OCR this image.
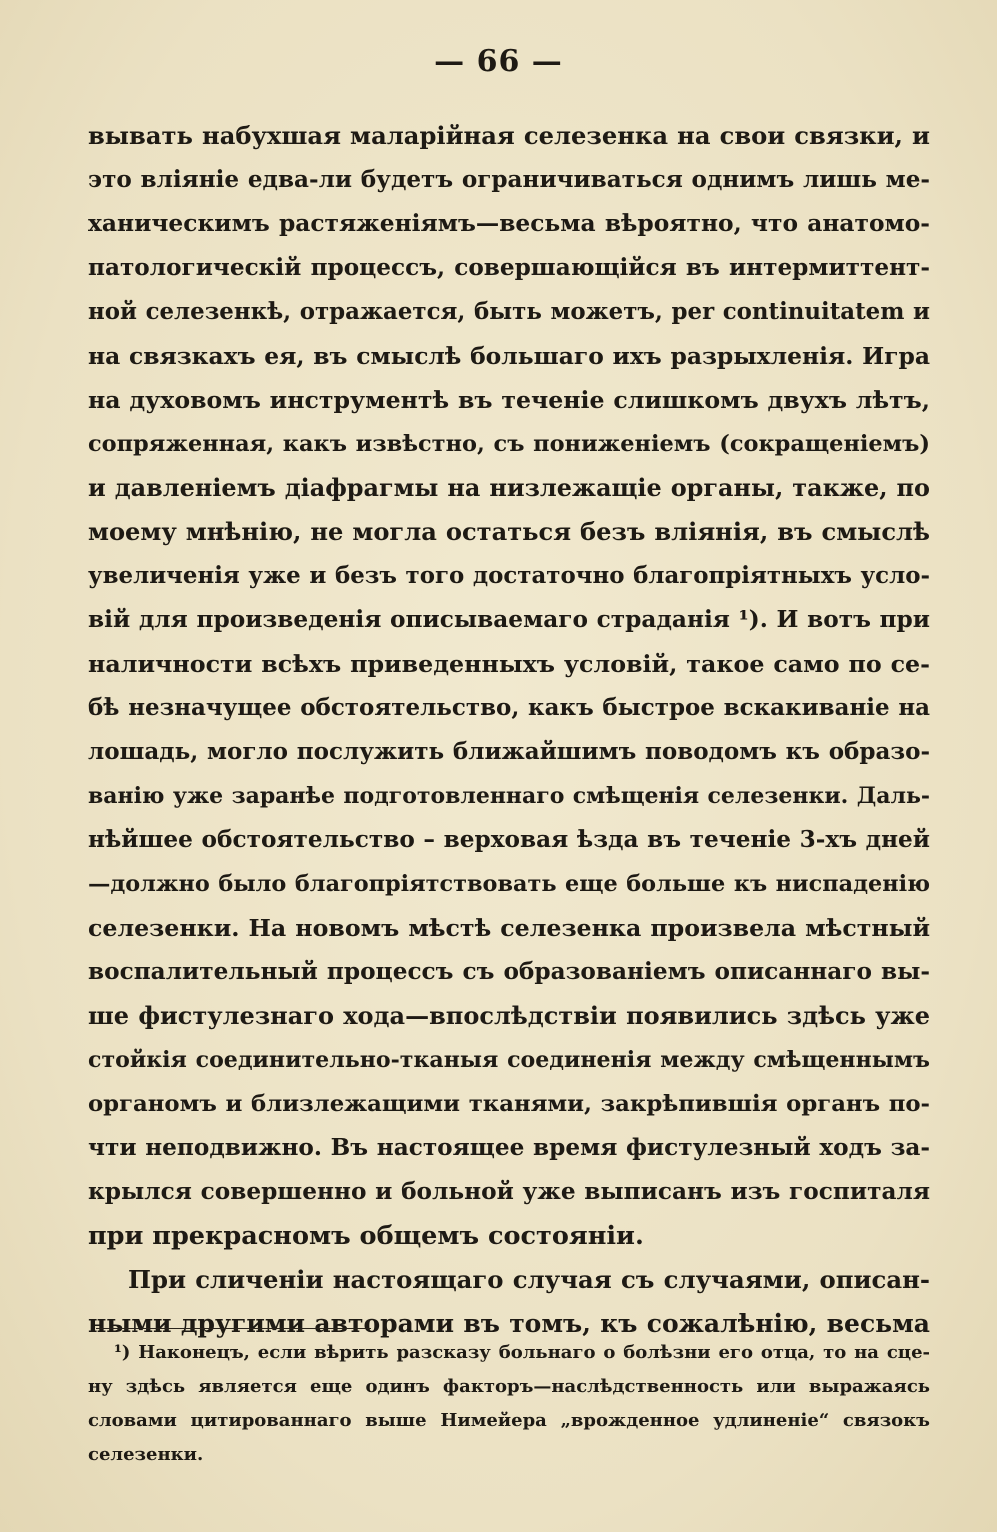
— 66 —
вывать набухшая маларійная селезенка на свои связки, и
это вліяніе едва-ли будетъ ограничиваться однимъ лишь ме-
ханическимъ растяженіямъ—весьма вѣроятно, что анатомо-
патологическій процессъ, совершающійся въ интермиттент-
ной селезенкѣ, отражается, быть можетъ, per continuitatem и
на связкахъ ея, въ смыслѣ большаго ихъ разрыхленія. Игра
на духовомъ инструментѣ въ теченіе слишкомъ двухъ лѣтъ,
сопряженная, какъ извѣстно, съ пониженіемъ (сокращеніемъ)
и давленіемъ діафрагмы на низлежащіе органы, также, по
моему мнѣнію, не могла остаться безъ вліянія, въ смыслѣ
увеличенія уже и безъ того достаточно благопріятныхъ усло-
вій для произведенія описываемаго страданія ¹). И вотъ при
наличности всѣхъ приведенныхъ условій, такое само по се-
бѣ незначущее обстоятельство, какъ быстрое вскакиваніе на
лошадь, могло послужить ближайшимъ поводомъ къ образо-
ванію уже заранѣе подготовленнаго смѣщенія селезенки. Даль-
нѣйшее обстоятельство – верховая ѣзда въ теченіе 3-хъ дней
—должно было благопріятствовать еще больше къ ниспаденію
селезенки. На новомъ мѣстѣ селезенка произвела мѣстный
воспалительный процессъ съ образованіемъ описаннаго вы-
ше фистулезнаго хода—впослѣдствіи появились здѣсь уже
стойкія соединительно-тканыя соединенія между смѣщеннымъ
органомъ и близлежащими тканями, закрѣпившія органъ по-
чти неподвижно. Въ настоящее время фистулезный ходъ за-
крылся совершенно и больной уже выписанъ изъ госпиталя
при прекрасномъ общемъ состояніи.
При сличеніи настоящаго случая съ случаями, описан-
ными другими авторами въ томъ, къ сожалѣнію, весьма
¹) Наконецъ, если вѣрить разсказу больнаго о болѣзни его отца, то на сце-
ну здѣсь является еще одинъ факторъ—наслѣдственность или выражаясь
словами цитированнаго выше Нимейера „врожденное удлиненіе“ связокъ
селезенки.
